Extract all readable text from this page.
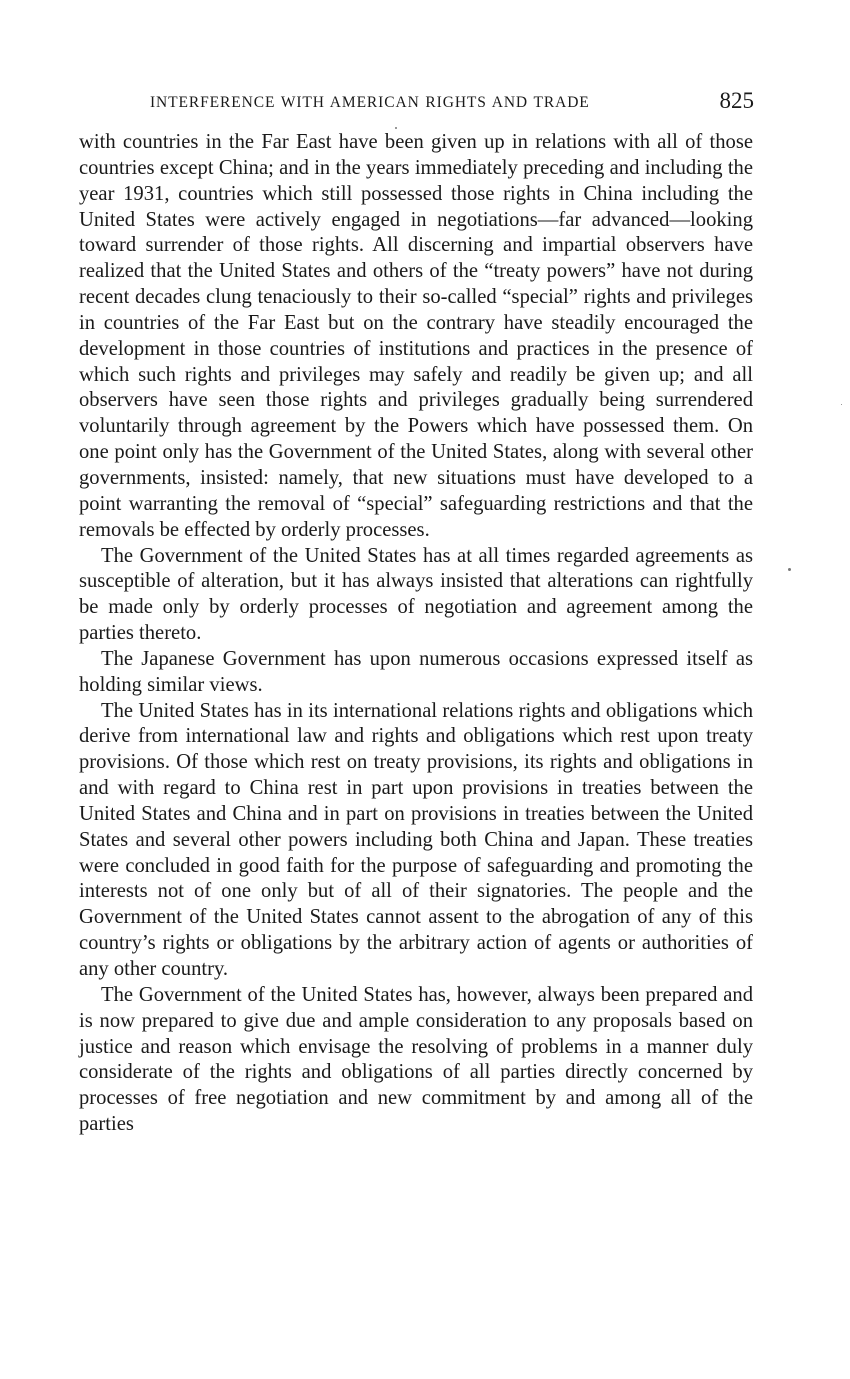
INTERFERENCE WITH AMERICAN RIGHTS AND TRADE	825

with countries in the Far East have been given up in relations with all of those countries except China; and in the years immediately preceding and including the year 1931, countries which still possessed those rights in China including the United States were actively engaged in negotiations—far advanced—looking toward surrender of those rights. All discerning and impartial observers have realized that the United States and others of the “treaty powers” have not during recent decades clung tenaciously to their so-called “special” rights and privileges in countries of the Far East but on the contrary have steadily encouraged the development in those countries of institutions and practices in the presence of which such rights and privileges may safely and readily be given up; and all observers have seen those rights and privileges gradually being surrendered voluntarily through agreement by the Powers which have possessed them. On one point only has the Government of the United States, along with several other governments, insisted: namely, that new situations must have developed to a point warranting the removal of “special” safeguarding restrictions and that the removals be effected by orderly processes.

The Government of the United States has at all times regarded agreements as susceptible of alteration, but it has always insisted that alterations can rightfully be made only by orderly processes of negotiation and agreement among the parties thereto.

The Japanese Government has upon numerous occasions expressed itself as holding similar views.

The United States has in its international relations rights and obligations which derive from international law and rights and obligations which rest upon treaty provisions. Of those which rest on treaty provisions, its rights and obligations in and with regard to China rest in part upon provisions in treaties between the United States and China and in part on provisions in treaties between the United States and several other powers including both China and Japan. These treaties were concluded in good faith for the purpose of safeguarding and promoting the interests not of one only but of all of their signatories. The people and the Government of the United States cannot assent to the abrogation of any of this country’s rights or obligations by the arbitrary action of agents or authorities of any other country.

The Government of the United States has, however, always been prepared and is now prepared to give due and ample consideration to any proposals based on justice and reason which envisage the resolving of problems in a manner duly considerate of the rights and obligations of all parties directly concerned by processes of free negotiation and new commitment by and among all of the parties
